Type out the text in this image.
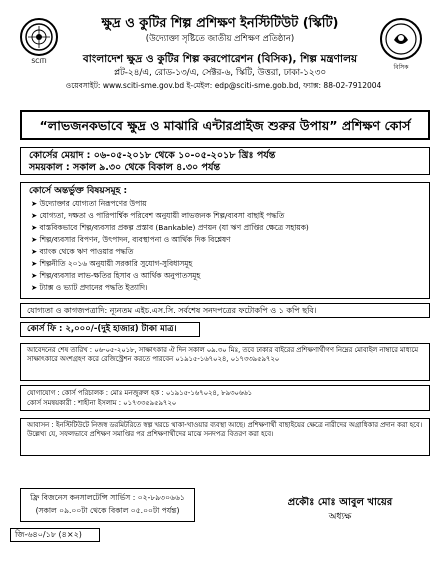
SCITI
বিসিক
ক্ষুদ্র ও কুটির শিল্প প্রশিক্ষণ ইনস্টিটিউট (স্কিটি)
(উদ্যোক্তা সৃষ্টিতে জাতীয় প্রশিক্ষণ প্রতিষ্ঠান)
বাংলাদেশ ক্ষুদ্র ও কুটির শিল্প করপোরেশন (বিসিক), শিল্প মন্ত্রণালয়
প্লট-২৪/এ, রোড-১৩/এ, সেক্টর-৬, স্কিটি, উত্তরা, ঢাকা-১২৩০
ওয়েবসাইট: www.sciti-sme.gov.bd ই-মেইল: edp@sciti-sme.gob.bd, ফ্যাক্স: 88-02-7912004
“লাভজনকভাবে ক্ষুদ্র ও মাঝারি এন্টারপ্রাইজ শুরুর উপায়” প্রশিক্ষণ কোর্স
কোর্সের মেয়াদ : ০৬-০৫-২০১৮ থেকে ১০-০৫-২০১৮ খ্রিঃ পর্যন্ত
সময়কাল : সকাল ৯.৩০ থেকে বিকাল ৪.৩০ পর্যন্ত
কোর্সে অন্তর্ভুক্ত বিষয়সমূহ :
➤ উদ্যোক্তার যোগ্যতা নিরূপণের উপায়
➤ যোগ্যতা, দক্ষতা ও পারিপার্শ্বিক পরিবেশ অনুযায়ী লাভজনক শিল্প/ব্যবসা বাছাই পদ্ধতি
➤ বাস্তবিকভাবে শিল্প/ব্যবসার প্রকল্প প্রস্তাব (Bankable) প্রণয়ন (যা ঋণ প্রাপ্তির ক্ষেত্রে সহায়ক)
➤ শিল্প/ব্যবসার বিপণন, উৎপাদন, ব্যবস্থাপনা ও আর্থিক দিক বিশ্লেষণ
➤ ব্যাংক থেকে ঋণ পাওয়ার পদ্ধতি
➤ শিল্পনীতি ২০১৬ অনুযায়ী সরকারি সুযোগ-সুবিধাসমূহ
➤ শিল্প/ব্যবসার লাভ-ক্ষতির হিসাব ও আর্থিক অনুপাতসমূহ
➤ ট্যাক্স ও ভ্যাট প্রদানের পদ্ধতি ইত্যাদি।
যোগ্যতা ও কাগজপত্রাদি: ন্যূনতম এইচ.এস.সি. সর্বশেষ সনদপত্রের ফটোকপি ও ১ কপি ছবি।
কোর্স ফি : ২,০০০/-(দুই হাজার) টাকা মাত্র।
আবেদনের শেষ তারিখ : ০৬-০৫-২০১৮, সাক্ষাৎকার ঐ দিন সকাল ০৯.৩০ মিঃ, তবে ঢাকার বাইরের প্রশিক্ষণার্থীগণ নিম্নের মোবাইল নাম্বারে মাধ্যমে সাক্ষাৎকারে অংশগ্রহণ করে রেজিস্ট্রেশন করতে পারবেন ০১৯১৫-১৬৭০২৪, ০১৭৩৩৯৫৯৭২০
যোগাযোগ : কোর্স পরিচালক : মোঃ মনজুরুল হক : ০১৯১৫-১৬৭০২৪, ৮৯৩০৬৬১
কোর্স সমন্বয়কারী : শাহীনা ইসলাম : ০১৭৩৩৫৯৫৯৭২০
আবাসন : ইনস্টিটিউটে নিজস্ব ডরমিটরিতে স্বল্প খরচে থাকা-খাওয়ার ব্যবস্থা আছে। প্রশিক্ষণার্থী বাছাইয়ের ক্ষেত্রে নারীদের অগ্রাধিকার প্রদান করা হবে। উল্লেখ্য যে, সফলভাবে প্রশিক্ষণ সমাপ্তির পর প্রশিক্ষণার্থীদের মাঝে সনদপত্র বিতরণ করা হবে।
ফ্রি বিজনেস কনসালটেন্সি সার্ভিস : ০২-৮৯৩০৬৬১
(সকাল ০৯.০০টা থেকে বিকাল ০৫.০০টা পর্যন্ত)
প্রকৌঃ মোঃ আবুল খায়ের
অধ্যক্ষ
জি-৬৪০/১৮ (৪×২)
